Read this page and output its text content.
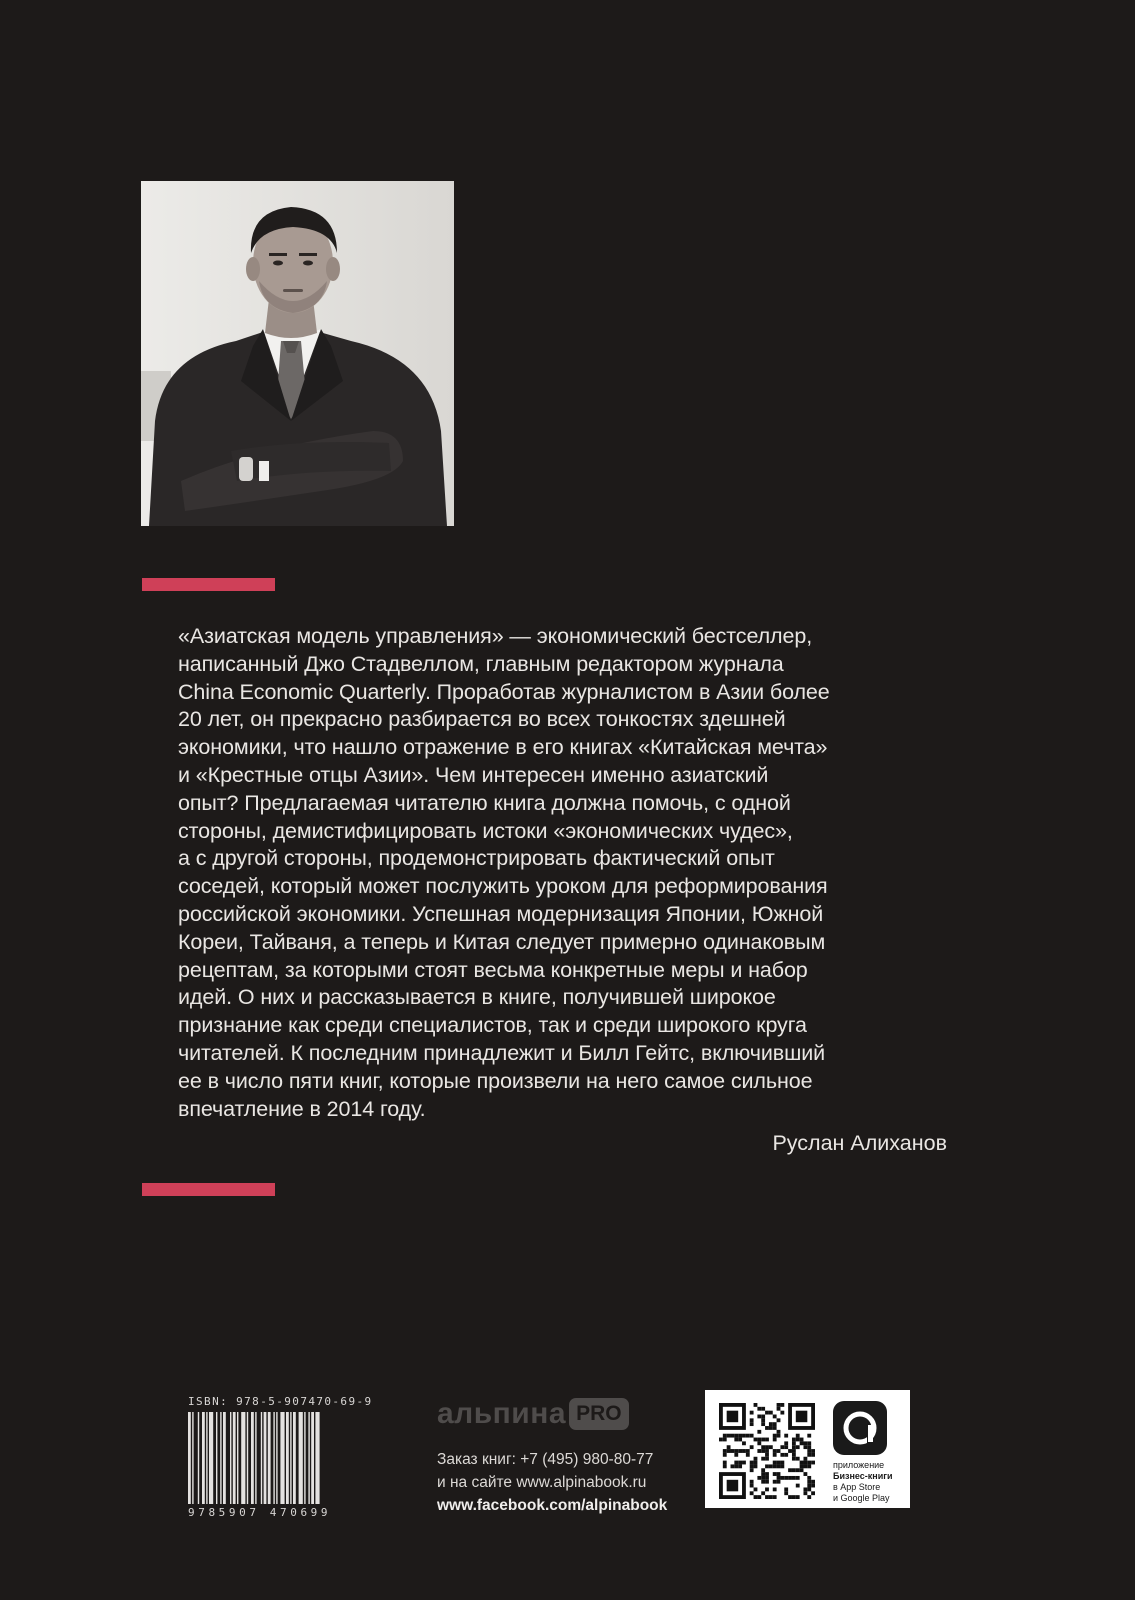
«Азиатская модель управления» — экономический бестселлер,
написанный Джо Стадвеллом, главным редактором журнала
China Economic Quarterly. Проработав журналистом в Азии более
20 лет, он прекрасно разбирается во всех тонкостях здешней
экономики, что нашло отражение в его книгах «Китайская мечта»
и «Крестные отцы Азии». Чем интересен именно азиатский
опыт? Предлагаемая читателю книга должна помочь, с одной
стороны, демистифицировать истоки «экономических чудес»,
а с другой стороны, продемонстрировать фактический опыт
соседей, который может послужить уроком для реформирования
российской экономики. Успешная модернизация Японии, Южной
Кореи, Тайваня, а теперь и Китая следует примерно одинаковым
рецептам, за которыми стоят весьма конкретные меры и набор
идей. О них и рассказывается в книге, получившей широкое
признание как среди специалистов, так и среди широкого круга
читателей. К последним принадлежит и Билл Гейтс, включивший
ее в число пяти книг, которые произвели на него самое сильное
впечатление в 2014 году.

Руслан Алиханов

ISBN: 978-5-907470-69-9

9785907 470699

альпина PRO

Заказ книг: +7 (495) 980-80-77

и на сайте www.alpinabook.ru

www.facebook.com/alpinabook

приложение
Бизнес-книги
в App Store
и Google Play
